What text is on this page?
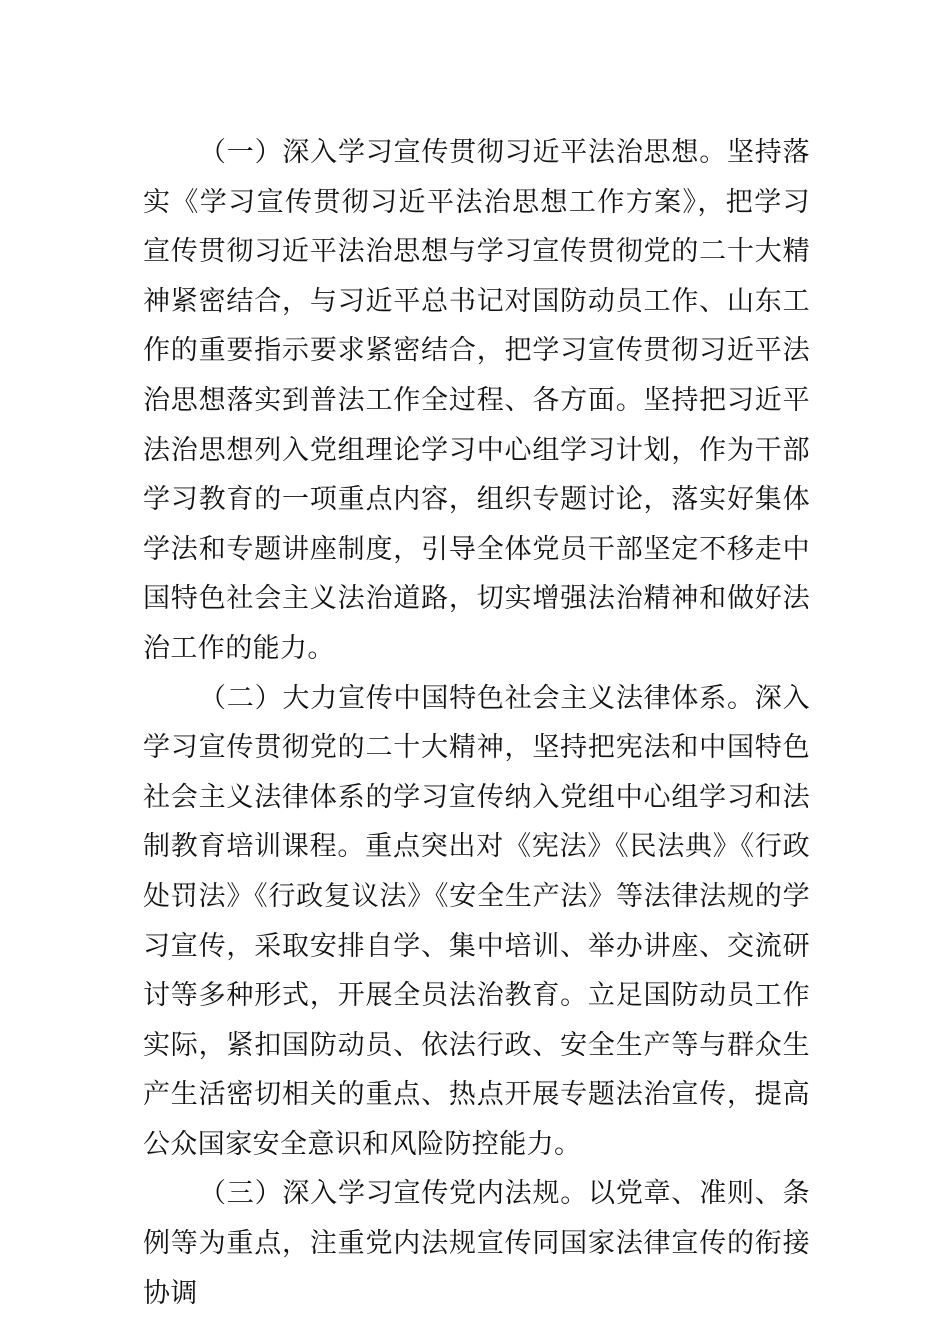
（一）深入学习宣传贯彻习近平法治思想。坚持落实《学习宣传贯彻习近平法治思想工作方案》，把学习宣传贯彻习近平法治思想与学习宣传贯彻党的二十大精神紧密结合，与习近平总书记对国防动员工作、山东工作的重要指示要求紧密结合，把学习宣传贯彻习近平法治思想落实到普法工作全过程、各方面。坚持把习近平法治思想列入党组理论学习中心组学习计划，作为干部学习教育的一项重点内容，组织专题讨论，落实好集体学法和专题讲座制度，引导全体党员干部坚定不移走中国特色社会主义法治道路，切实增强法治精神和做好法治工作的能力。

（二）大力宣传中国特色社会主义法律体系。深入学习宣传贯彻党的二十大精神，坚持把宪法和中国特色社会主义法律体系的学习宣传纳入党组中心组学习和法制教育培训课程。重点突出对《宪法》《民法典》《行政处罚法》《行政复议法》《安全生产法》等法律法规的学习宣传，采取安排自学、集中培训、举办讲座、交流研讨等多种形式，开展全员法治教育。立足国防动员工作实际，紧扣国防动员、依法行政、安全生产等与群众生产生活密切相关的重点、热点开展专题法治宣传，提高公众国家安全意识和风险防控能力。

（三）深入学习宣传党内法规。以党章、准则、条例等为重点，注重党内法规宣传同国家法律宣传的衔接协调
